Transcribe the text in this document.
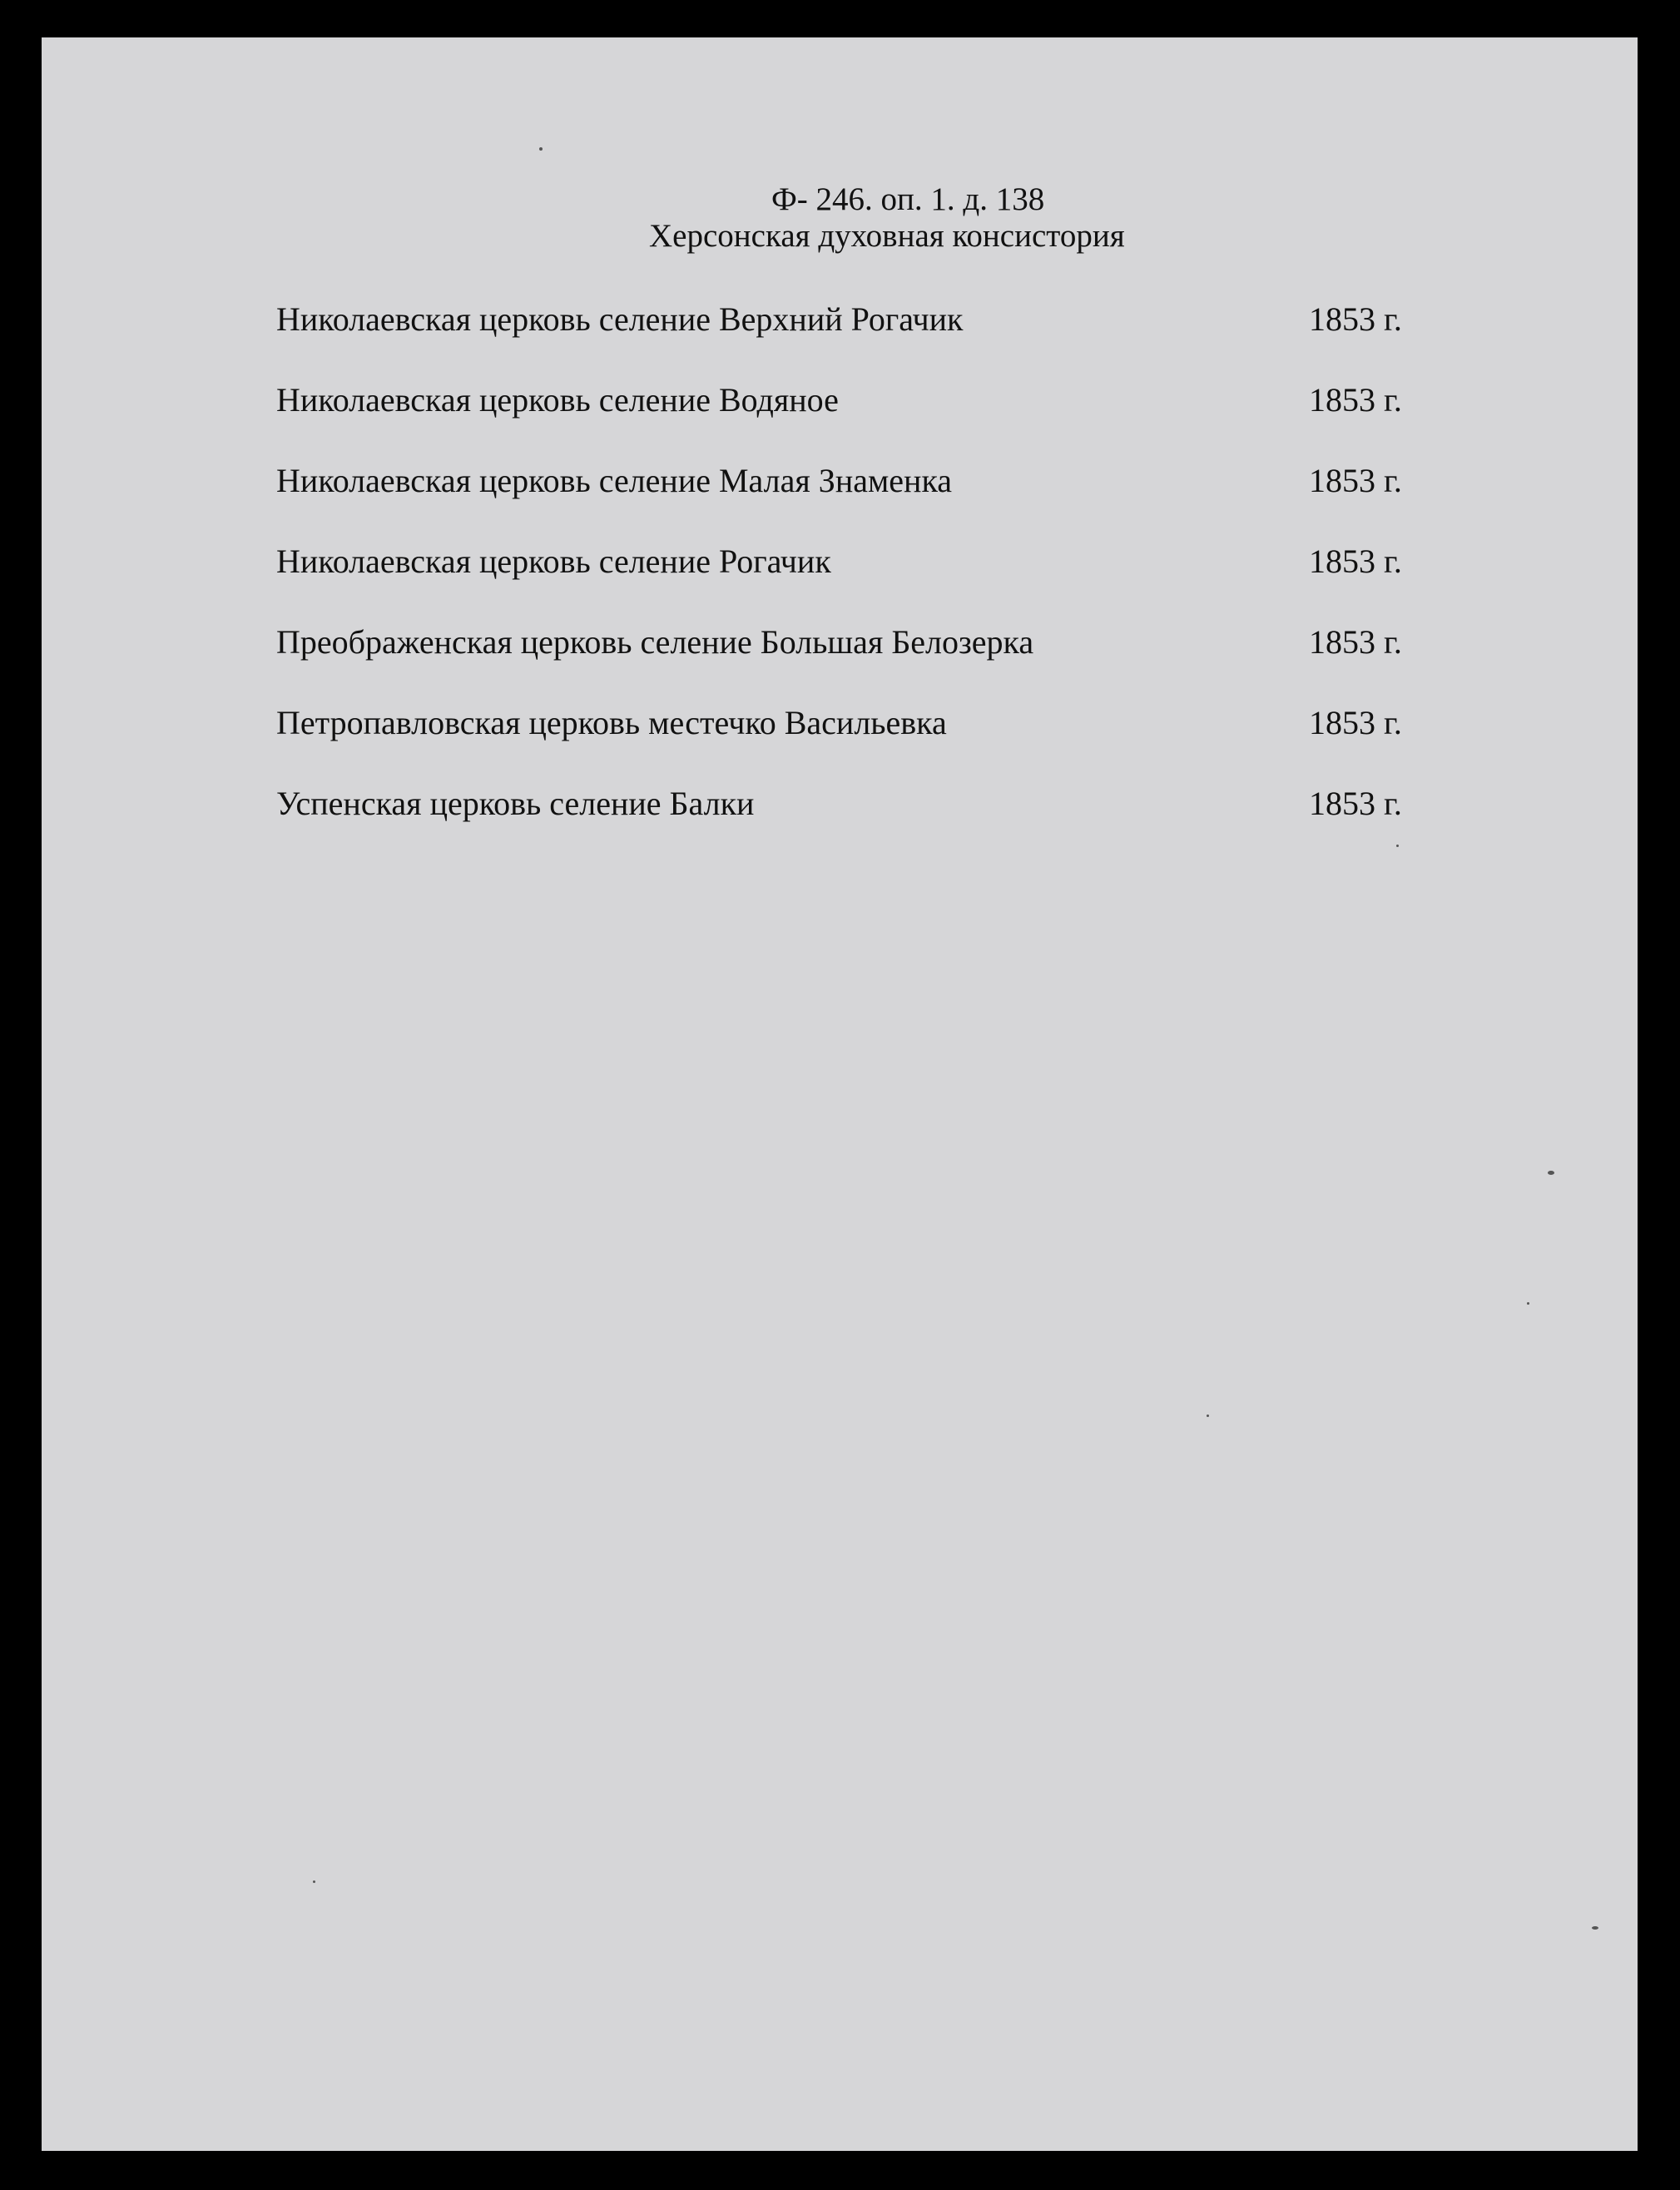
Ф- 246. оп. 1. д. 138
Херсонская духовная консистория
Николаевская церковь селение Верхний Рогачик	1853 г.
Николаевская церковь селение Водяное	1853 г.
Николаевская церковь селение Малая Знаменка	1853 г.
Николаевская церковь селение Рогачик	1853 г.
Преображенская церковь селение Большая Белозерка	1853 г.
Петропавловская церковь местечко Васильевка	1853 г.
Успенская церковь селение Балки	1853 г.
